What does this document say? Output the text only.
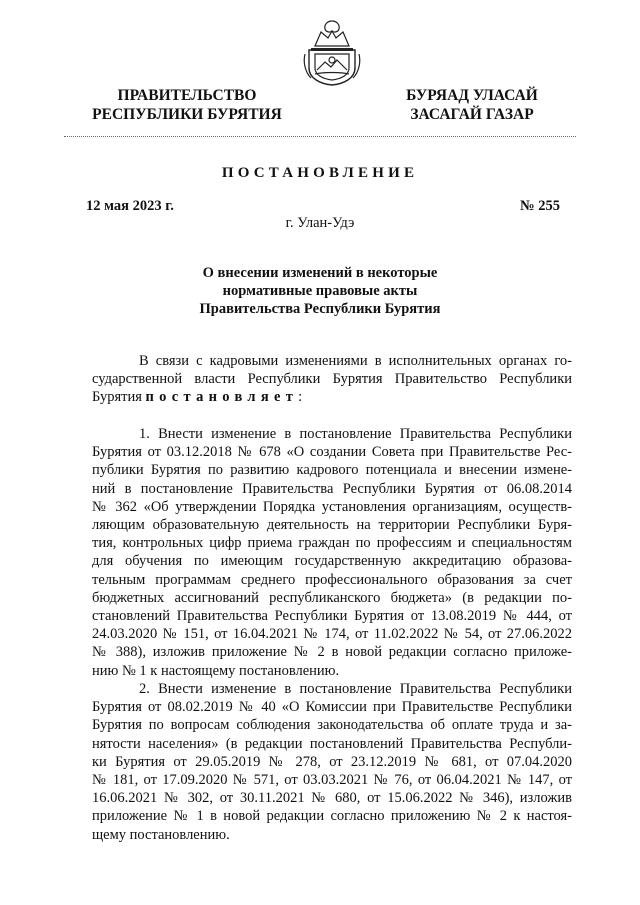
ПРАВИТЕЛЬСТВО
РЕСПУБЛИКИ БУРЯТИЯ
БУРЯАД УЛАСАЙ
ЗАСАГАЙ ГАЗАР
ПОСТАНОВЛЕНИЕ
12 мая 2023 г.	№ 255
г. Улан-Удэ
О внесении изменений в некоторые
нормативные правовые акты
Правительства Республики Бурятия
В связи с кадровыми изменениями в исполнительных органах го-
сударственной власти Республики Бурятия Правительство Республики
Бурятия постановляет:
1. Внести изменение в постановление Правительства Республики
Бурятия от 03.12.2018 № 678 «О создании Совета при Правительстве Рес-
публики Бурятия по развитию кадрового потенциала и внесении измене-
ний в постановление Правительства Республики Бурятия от 06.08.2014
№ 362 «Об утверждении Порядка установления организациям, осуществ-
ляющим образовательную деятельность на территории Республики Буря-
тия, контрольных цифр приема граждан по профессиям и специальностям
для обучения по имеющим государственную аккредитацию образова-
тельным программам среднего профессионального образования за счет
бюджетных ассигнований республиканского бюджета» (в редакции по-
становлений Правительства Республики Бурятия от 13.08.2019 № 444, от
24.03.2020 № 151, от 16.04.2021 № 174, от 11.02.2022 № 54, от 27.06.2022
№ 388), изложив приложение № 2 в новой редакции согласно приложе-
нию № 1 к настоящему постановлению.
2. Внести изменение в постановление Правительства Республики
Бурятия от 08.02.2019 № 40 «О Комиссии при Правительстве Республики
Бурятия по вопросам соблюдения законодательства об оплате труда и за-
нятости населения» (в редакции постановлений Правительства Республи-
ки Бурятия от 29.05.2019 № 278, от 23.12.2019 № 681, от 07.04.2020
№ 181, от 17.09.2020 № 571, от 03.03.2021 № 76, от 06.04.2021 № 147, от
16.06.2021 № 302, от 30.11.2021 № 680, от 15.06.2022 № 346), изложив
приложение № 1 в новой редакции согласно приложению № 2 к настоя-
щему постановлению.
